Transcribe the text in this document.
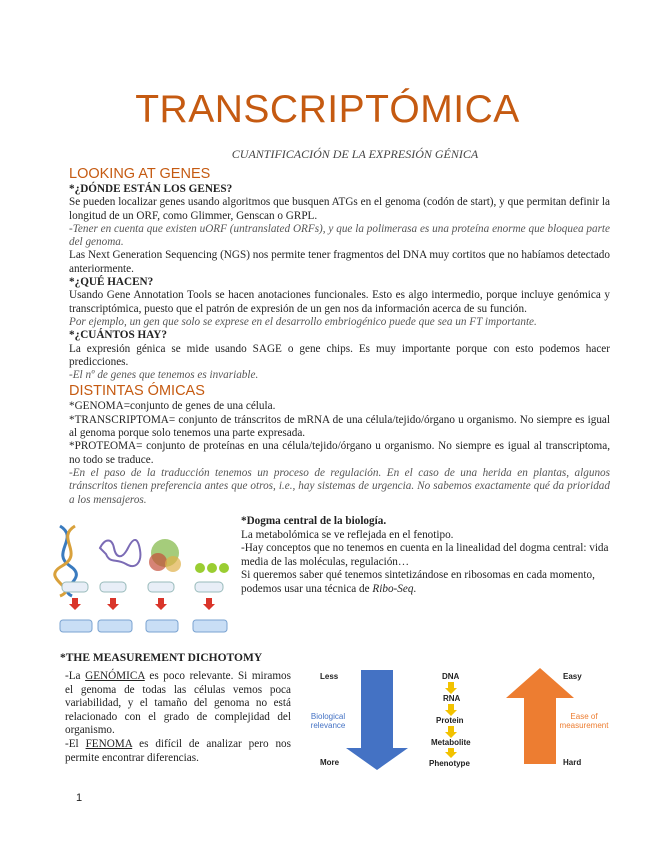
TRANSCRIPTÓMICA
CUANTIFICACIÓN DE LA EXPRESIÓN GÉNICA
LOOKING AT GENES
*¿DÓNDE ESTÁN LOS GENES?
Se pueden localizar genes usando algoritmos que busquen ATGs en el genoma (codón de start), y que permitan definir la longitud de un ORF, como Glimmer, Genscan o GRPL.
-Tener en cuenta que existen uORF (untranslated ORFs), y que la polimerasa es una proteína enorme que bloquea parte del genoma.
Las Next Generation Sequencing (NGS) nos permite tener fragmentos del DNA muy cortitos que no habíamos detectado anteriormente.
*¿QUÉ HACEN?
Usando Gene Annotation Tools se hacen anotaciones funcionales. Esto es algo intermedio, porque incluye genómica y transcriptómica, puesto que el patrón de expresión de un gen nos da información acerca de su función.
Por ejemplo, un gen que solo se exprese en el desarrollo embriogénico puede que sea un FT importante.
*¿CUÁNTOS HAY?
La expresión génica se mide usando SAGE o gene chips. Es muy importante porque con esto podemos hacer predicciones.
-El nº de genes que tenemos es invariable.
DISTINTAS ÓMICAS
*GENOMA=conjunto de genes de una célula.
*TRANSCRIPTOMA= conjunto de tránscritos de mRNA de una célula/tejido/órgano u organismo. No siempre es igual al genoma porque solo tenemos una parte expresada.
*PROTEOMA= conjunto de proteínas en una célula/tejido/órgano u organismo. No siempre es igual al transcriptoma, no todo se traduce.
-En el paso de la traducción tenemos un proceso de regulación. En el caso de una herida en plantas, algunos tránscritos tienen preferencia antes que otros, i.e., hay sistemas de urgencia. No sabemos exactamente qué da prioridad a los mensajeros.
*Dogma central de la biología.
La metabolómica se ve reflejada en el fenotipo.
-Hay conceptos que no tenemos en cuenta en la linealidad del dogma central: vida media de las moléculas, regulación…
Si queremos saber qué tenemos sintetizándose en ribosomas en cada momento, podemos usar una técnica de Ribo-Seq.
*THE MEASUREMENT DICHOTOMY
-La GENÓMICA es poco relevante. Si miramos el genoma de todas las células vemos poca variabilidad, y el tamaño del genoma no está relacionado con el grado de complejidad del organismo.
-El FENOMA es difícil de analizar pero nos permite encontrar diferencias.
Less
More
Biological relevance
DNA
RNA
Protein
Metabolite
Phenotype
Easy
Hard
Ease of measurement
1
